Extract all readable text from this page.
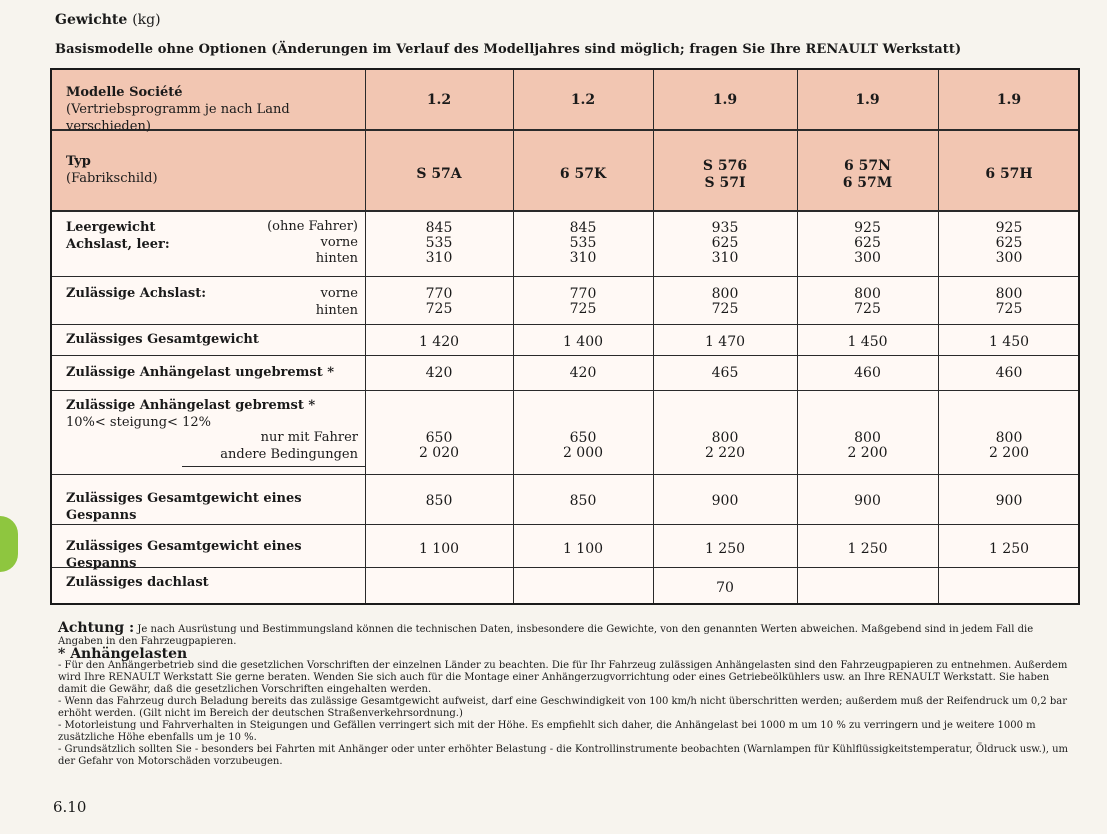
Gewichte (kg)
Basismodelle ohne Optionen (Änderungen im Verlauf des Modelljahres sind möglich; fragen Sie Ihre RENAULT Werkstatt)
Modelle Société
(Vertriebsprogramm je nach Land verschieden)
Typ
(Fabrikschild)
Leergewicht
Achslast, leer:
(ohne Fahrer)
vorne
hinten
Zulässige Achslast:	vorne
hinten
Zulässiges Gesamtgewicht
Zulässige Anhängelast ungebremst *
Zulässige Anhängelast gebremst *
10%< steigung< 12%
nur mit Fahrer
andere Bedingungen
Zulässiges Gesamtgewicht eines Gespanns
Zulässiges Gesamtgewicht eines Gespanns
Zulässiges dachlast	70
1.2
S 57A
845
535
310
770
725
1 420
420
650
2 020
850
1 100
1.2
6 57K
845
535
310
770
725
1 400
420
650
2 000
850
1 100
1.9
S 576
S 57I
935
625
310
800
725
1 470
465
800
2 220
900
1 250
1.9
6 57N
6 57M
925
625
300
800
725
1 450
460
800
2 200
900
1 250
1.9
6 57H
925
625
300
800
725
1 450
460
800
2 200
900
1 250

Achtung : Je nach Ausrüstung und Bestimmungsland können die technischen Daten, insbesondere die Gewichte, von den genannten Werten abweichen. Maßgebend sind in jedem Fall die Angaben in den Fahrzeugpapieren.

* Anhängelasten

- Für den Anhängerbetrieb sind die gesetzlichen Vorschriften der einzelnen Länder zu beachten. Die für Ihr Fahrzeug zulässigen Anhängelasten sind den Fahrzeugpapieren zu entnehmen. Außerdem wird Ihre RENAULT Werkstatt Sie gerne beraten. Wenden Sie sich auch für die Montage einer Anhängerzugvorrichtung oder eines Getriebeölkühlers usw. an Ihre RENAULT Werkstatt. Sie haben damit die Gewähr, daß die gesetzlichen Vorschriften eingehalten werden.

- Wenn das Fahrzeug durch Beladung bereits das zulässige Gesamtgewicht aufweist, darf eine Geschwindigkeit von 100 km/h nicht überschritten werden; außerdem muß der Reifendruck um 0,2 bar erhöht werden. (Gilt nicht im Bereich der deutschen Straßenverkehrsordnung.)

- Motorleistung und Fahrverhalten in Steigungen und Gefällen verringert sich mit der Höhe. Es empfiehlt sich daher, die Anhängelast bei 1000 m um 10 % zu verringern und je weitere 1000 m zusätzliche Höhe ebenfalls um je 10 %.

- Grundsätzlich sollten Sie - besonders bei Fahrten mit Anhänger oder unter erhöhter Belastung - die Kontrollinstrumente beobachten (Warnlampen für Kühlflüssigkeitstemperatur, Öldruck usw.), um der Gefahr von Motorschäden vorzubeugen.

6.10
